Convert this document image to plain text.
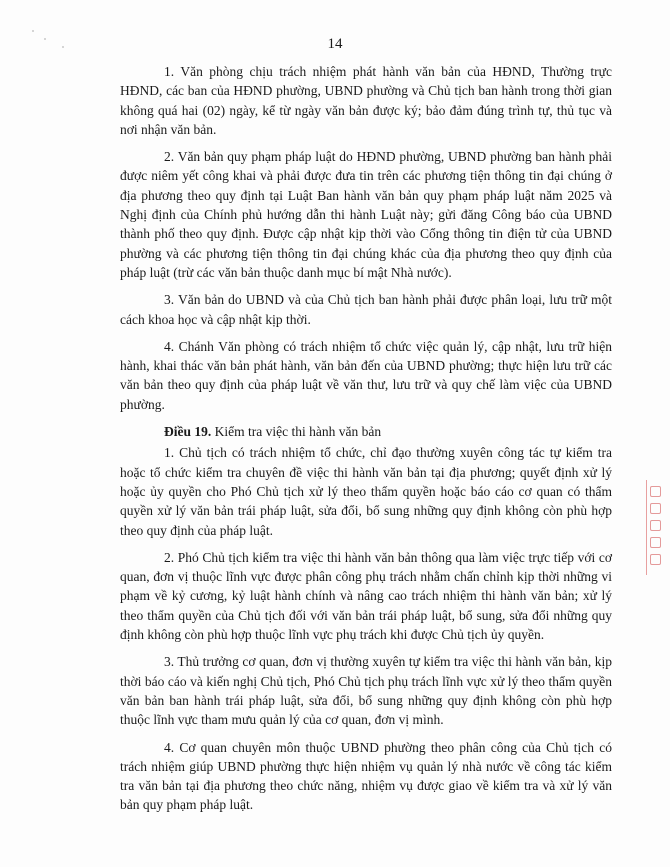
14

1. Văn phòng chịu trách nhiệm phát hành văn bản của HĐND, Thường trực HĐND, các ban của HĐND phường, UBND phường và Chủ tịch ban hành trong thời gian không quá hai (02) ngày, kể từ ngày văn bản được ký; bảo đảm đúng trình tự, thủ tục và nơi nhận văn bản.

2. Văn bản quy phạm pháp luật do HĐND phường, UBND phường ban hành phải được niêm yết công khai và phải được đưa tin trên các phương tiện thông tin đại chúng ở địa phương theo quy định tại Luật Ban hành văn bản quy phạm pháp luật năm 2025 và Nghị định của Chính phủ hướng dẫn thi hành Luật này; gửi đăng Công báo của UBND thành phố theo quy định. Được cập nhật kịp thời vào Cổng thông tin điện tử của UBND phường và các phương tiện thông tin đại chúng khác của địa phương theo quy định của pháp luật (trừ các văn bản thuộc danh mục bí mật Nhà nước).

3. Văn bản do UBND và của Chủ tịch ban hành phải được phân loại, lưu trữ một cách khoa học và cập nhật kịp thời.

4. Chánh Văn phòng có trách nhiệm tổ chức việc quản lý, cập nhật, lưu trữ hiện hành, khai thác văn bản phát hành, văn bản đến của UBND phường; thực hiện lưu trữ các văn bản theo quy định của pháp luật về văn thư, lưu trữ và quy chế làm việc của UBND phường.

Điều 19. Kiểm tra việc thi hành văn bản

1. Chủ tịch có trách nhiệm tổ chức, chỉ đạo thường xuyên công tác tự kiểm tra hoặc tổ chức kiểm tra chuyên đề việc thi hành văn bản tại địa phương; quyết định xử lý hoặc ủy quyền cho Phó Chủ tịch xử lý theo thẩm quyền hoặc báo cáo cơ quan có thẩm quyền xử lý văn bản trái pháp luật, sửa đổi, bổ sung những quy định không còn phù hợp theo quy định của pháp luật.

2. Phó Chủ tịch kiểm tra việc thi hành văn bản thông qua làm việc trực tiếp với cơ quan, đơn vị thuộc lĩnh vực được phân công phụ trách nhằm chấn chỉnh kịp thời những vi phạm về kỷ cương, kỷ luật hành chính và nâng cao trách nhiệm thi hành văn bản; xử lý theo thẩm quyền của Chủ tịch đối với văn bản trái pháp luật, bổ sung, sửa đổi những quy định không còn phù hợp thuộc lĩnh vực phụ trách khi được Chủ tịch ủy quyền.

3. Thủ trưởng cơ quan, đơn vị thường xuyên tự kiểm tra việc thi hành văn bản, kịp thời báo cáo và kiến nghị Chủ tịch, Phó Chủ tịch phụ trách lĩnh vực xử lý theo thẩm quyền văn bản ban hành trái pháp luật, sửa đổi, bổ sung những quy định không còn phù hợp thuộc lĩnh vực tham mưu quản lý của cơ quan, đơn vị mình.

4. Cơ quan chuyên môn thuộc UBND phường theo phân công của Chủ tịch có trách nhiệm giúp UBND phường thực hiện nhiệm vụ quản lý nhà nước về công tác kiểm tra văn bản tại địa phương theo chức năng, nhiệm vụ được giao về kiểm tra và xử lý văn bản quy phạm pháp luật.
